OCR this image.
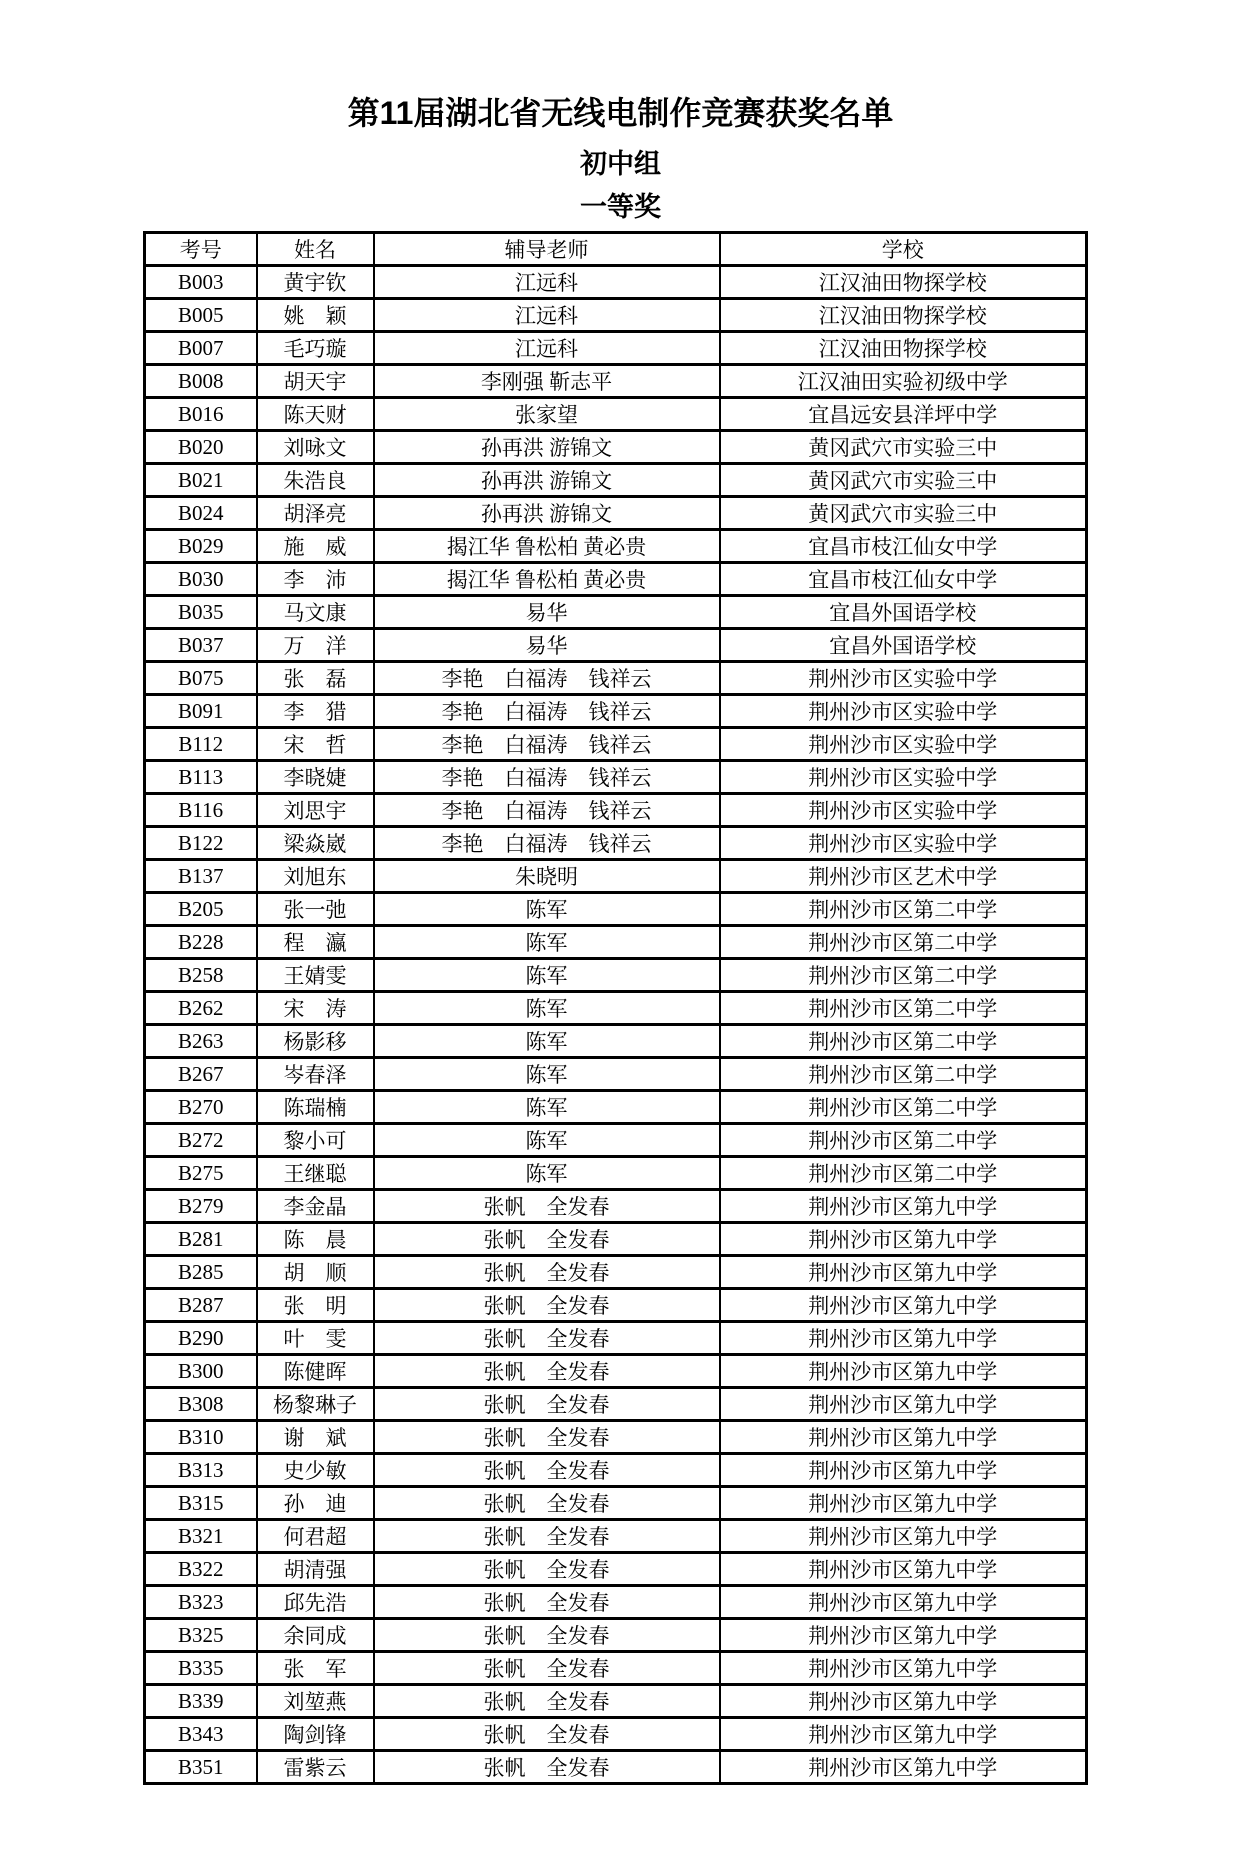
第11届湖北省无线电制作竞赛获奖名单
初中组
一等奖
考号	姓名	辅导老师	学校
B003	黄宇钦	江远科	江汉油田物探学校
B005	姚　颖	江远科	江汉油田物探学校
B007	毛巧璇	江远科	江汉油田物探学校
B008	胡天宇	李刚强 靳志平	江汉油田实验初级中学
B016	陈天财	张家望	宜昌远安县洋坪中学
B020	刘咏文	孙再洪 游锦文	黄冈武穴市实验三中
B021	朱浩良	孙再洪 游锦文	黄冈武穴市实验三中
B024	胡泽亮	孙再洪 游锦文	黄冈武穴市实验三中
B029	施　威	揭江华 鲁松柏 黄必贵	宜昌市枝江仙女中学
B030	李　沛	揭江华 鲁松柏 黄必贵	宜昌市枝江仙女中学
B035	马文康	易华	宜昌外国语学校
B037	万　洋	易华	宜昌外国语学校
B075	张　磊	李艳　白福涛　钱祥云	荆州沙市区实验中学
B091	李　猎	李艳　白福涛　钱祥云	荆州沙市区实验中学
B112	宋　哲	李艳　白福涛　钱祥云	荆州沙市区实验中学
B113	李晓婕	李艳　白福涛　钱祥云	荆州沙市区实验中学
B116	刘思宇	李艳　白福涛　钱祥云	荆州沙市区实验中学
B122	梁焱崴	李艳　白福涛　钱祥云	荆州沙市区实验中学
B137	刘旭东	朱晓明	荆州沙市区艺术中学
B205	张一弛	陈军	荆州沙市区第二中学
B228	程　瀛	陈军	荆州沙市区第二中学
B258	王婧雯	陈军	荆州沙市区第二中学
B262	宋　涛	陈军	荆州沙市区第二中学
B263	杨影移	陈军	荆州沙市区第二中学
B267	岑春泽	陈军	荆州沙市区第二中学
B270	陈瑞楠	陈军	荆州沙市区第二中学
B272	黎小可	陈军	荆州沙市区第二中学
B275	王继聪	陈军	荆州沙市区第二中学
B279	李金晶	张帆　全发春	荆州沙市区第九中学
B281	陈　晨	张帆　全发春	荆州沙市区第九中学
B285	胡　顺	张帆　全发春	荆州沙市区第九中学
B287	张　明	张帆　全发春	荆州沙市区第九中学
B290	叶　雯	张帆　全发春	荆州沙市区第九中学
B300	陈健晖	张帆　全发春	荆州沙市区第九中学
B308	杨黎琳子	张帆　全发春	荆州沙市区第九中学
B310	谢　斌	张帆　全发春	荆州沙市区第九中学
B313	史少敏	张帆　全发春	荆州沙市区第九中学
B315	孙　迪	张帆　全发春	荆州沙市区第九中学
B321	何君超	张帆　全发春	荆州沙市区第九中学
B322	胡清强	张帆　全发春	荆州沙市区第九中学
B323	邱先浩	张帆　全发春	荆州沙市区第九中学
B325	余同成	张帆　全发春	荆州沙市区第九中学
B335	张　军	张帆　全发春	荆州沙市区第九中学
B339	刘堃燕	张帆　全发春	荆州沙市区第九中学
B343	陶剑锋	张帆　全发春	荆州沙市区第九中学
B351	雷紫云	张帆　全发春	荆州沙市区第九中学
